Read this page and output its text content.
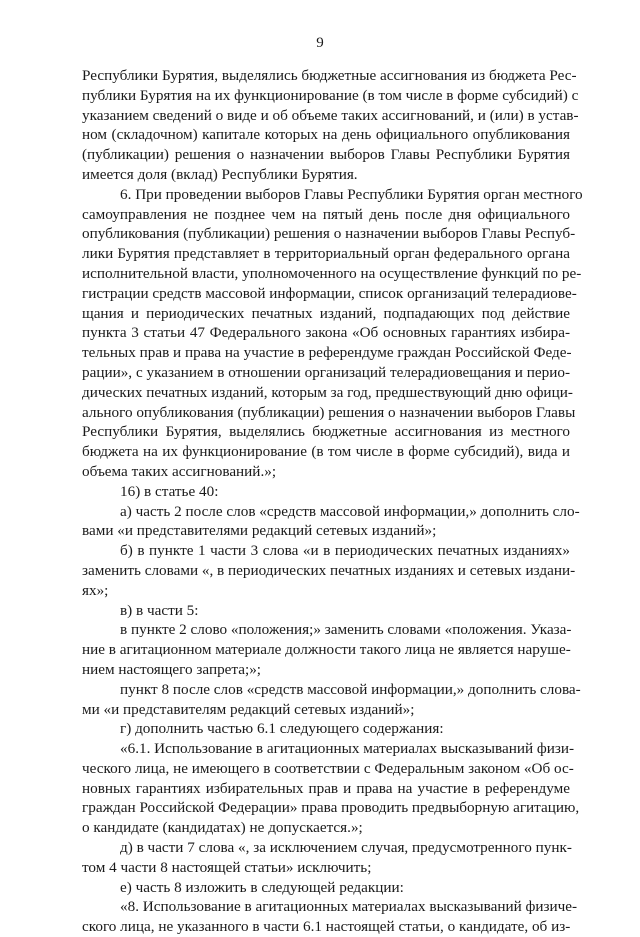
9
Республики Бурятия, выделялись бюджетные ассигнования из бюджета Рес-
публики Бурятия на их функционирование (в том числе в форме субсидий) с
указанием сведений о виде и об объеме таких ассигнований, и (или) в устав-
ном (складочном) капитале которых на день официального опубликования
(публикации) решения о назначении выборов Главы Республики Бурятия
имеется доля (вклад) Республики Бурятия.
6. При проведении выборов Главы Республики Бурятия орган местного
самоуправления не позднее чем на пятый день после дня официального
опубликования (публикации) решения о назначении выборов Главы Респуб-
лики Бурятия представляет в территориальный орган федерального органа
исполнительной власти, уполномоченного на осуществление функций по ре-
гистрации средств массовой информации, список организаций телерадиове-
щания и периодических печатных изданий, подпадающих под действие
пункта 3 статьи 47 Федерального закона «Об основных гарантиях избира-
тельных прав и права на участие в референдуме граждан Российской Феде-
рации», с указанием в отношении организаций телерадиовещания и перио-
дических печатных изданий, которым за год, предшествующий дню офици-
ального опубликования (публикации) решения о назначении выборов Главы
Республики Бурятия, выделялись бюджетные ассигнования из местного
бюджета на их функционирование (в том числе в форме субсидий), вида и
объема таких ассигнований.»;
16) в статье 40:
а) часть 2 после слов «средств массовой информации,» дополнить сло-
вами «и представителями редакций сетевых изданий»;
б) в пункте 1 части 3 слова «и в периодических печатных изданиях»
заменить словами «, в периодических печатных изданиях и сетевых издани-
ях»;
в) в части 5:
в пункте 2 слово «положения;» заменить словами «положения. Указа-
ние в агитационном материале должности такого лица не является наруше-
нием настоящего запрета;»;
пункт 8 после слов «средств массовой информации,» дополнить слова-
ми «и представителям редакций сетевых изданий»;
г) дополнить частью 6.1 следующего содержания:
«6.1. Использование в агитационных материалах высказываний физи-
ческого лица, не имеющего в соответствии с Федеральным законом «Об ос-
новных гарантиях избирательных прав и права на участие в референдуме
граждан Российской Федерации» права проводить предвыборную агитацию,
о кандидате (кандидатах) не допускается.»;
д) в части 7 слова «, за исключением случая, предусмотренного пунк-
том 4 части 8 настоящей статьи» исключить;
е) часть 8 изложить в следующей редакции:
«8. Использование в агитационных материалах высказываний физиче-
ского лица, не указанного в части 6.1 настоящей статьи, о кандидате, об из-
